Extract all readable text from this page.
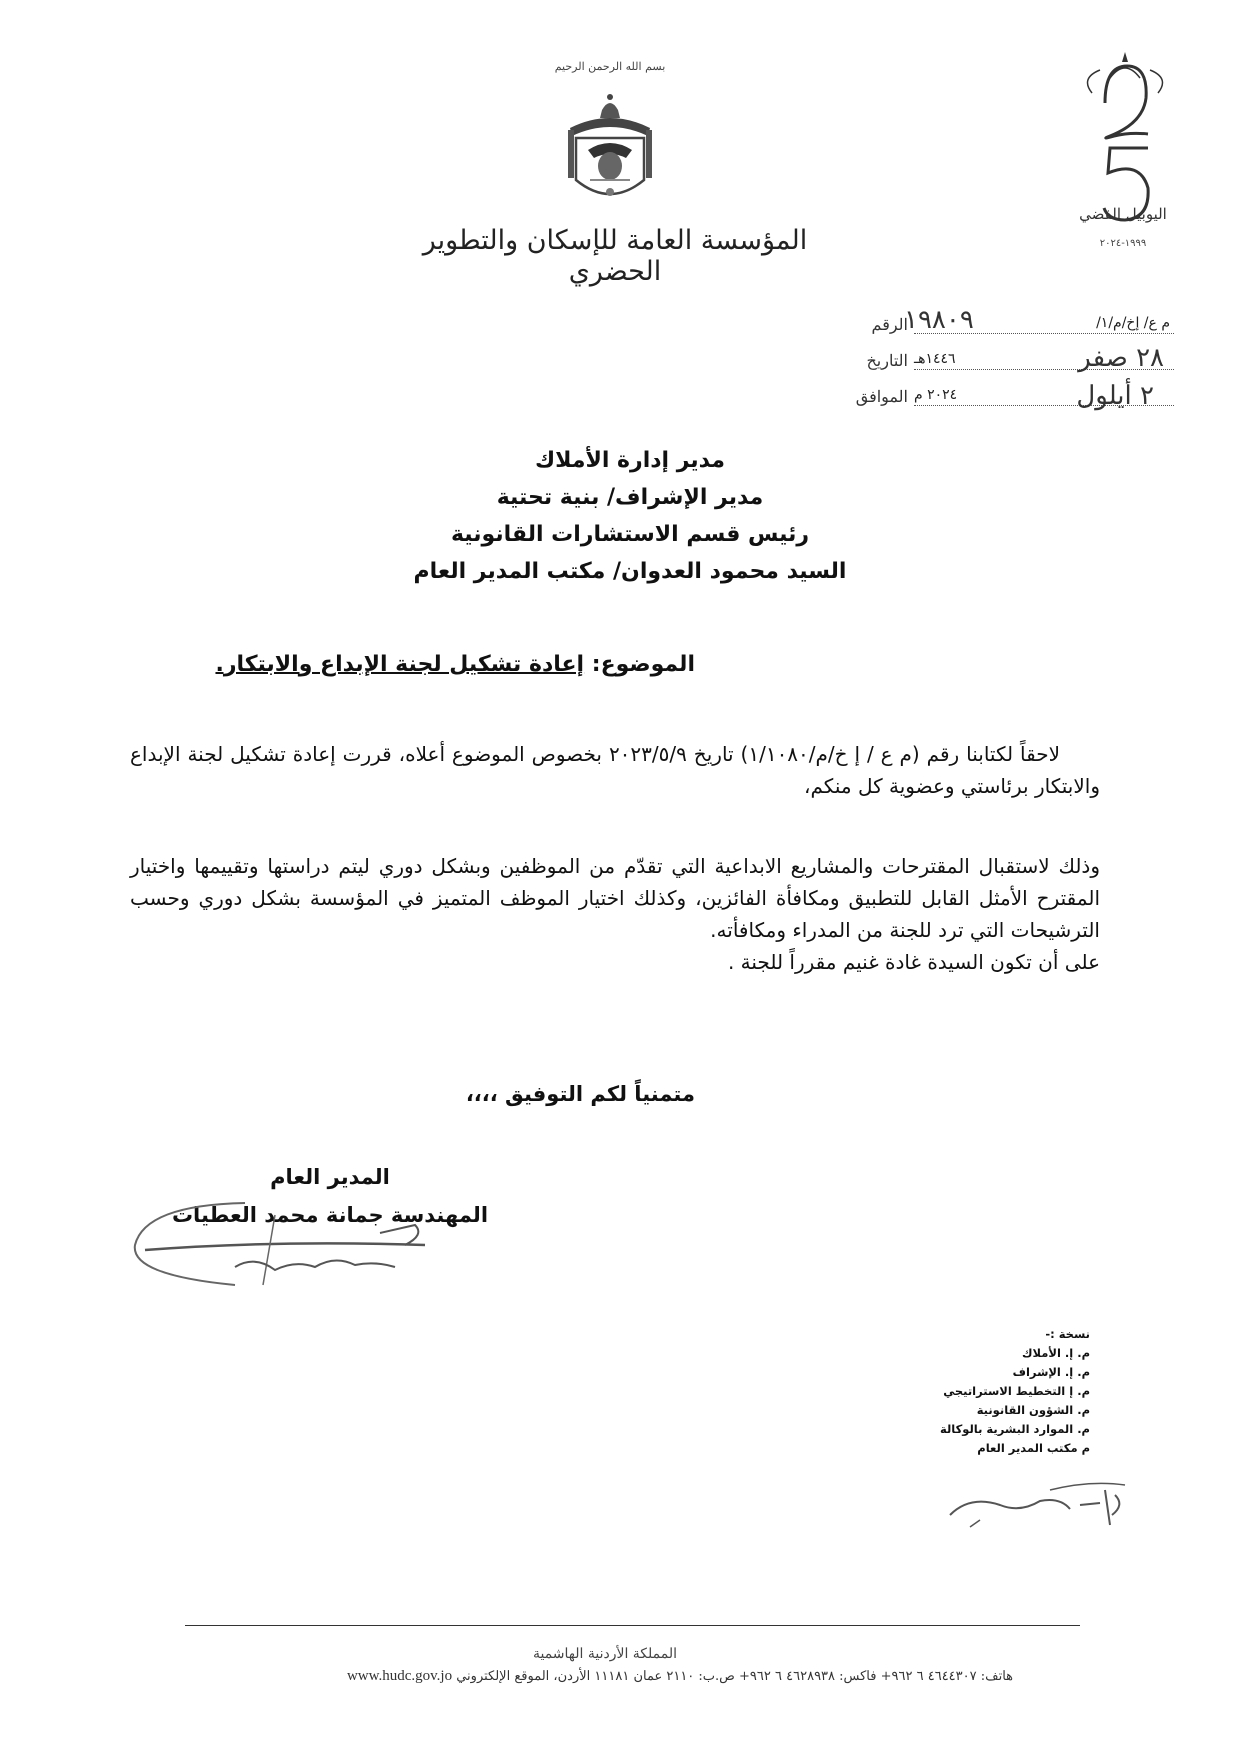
بسم الله الرحمن الرحيم
المؤسسة العامة للإسكان والتطوير الحضري
اليوبيل الفضي
١٩٩٩-٢٠٢٤
الرقم	م ع/ إخ/م/١/
١٩٨٠٩
التاريخ	٢٨ صفر
١٤٤٦هـ
الموافق	٢ أيلول
٢٠٢٤ م
مدير إدارة الأملاك
مدير الإشراف/ بنية تحتية
رئيس قسم الاستشارات القانونية
السيد محمود العدوان/ مكتب المدير العام
الموضوع: إعادة تشكيل لجنة الإبداع والابتكار.
لاحقاً لكتابنا رقم (م ع / إ خ/م/١/١٠٨٠) تاريخ ٢٠٢٣/٥/٩ بخصوص الموضوع أعلاه، قررت إعادة تشكيل لجنة الإبداع والابتكار برئاستي وعضوية كل منكم،
وذلك لاستقبال المقترحات والمشاريع الابداعية التي تقدّم من الموظفين وبشكل دوري ليتم دراستها وتقييمها واختيار المقترح الأمثل القابل للتطبيق ومكافأة الفائزين، وكذلك اختيار الموظف المتميز في المؤسسة بشكل دوري وحسب الترشيحات التي ترد للجنة من المدراء ومكافأته.
على أن تكون السيدة غادة غنيم مقرراً للجنة .
متمنياً لكم التوفيق ،،،،
المدير العام
المهندسة جمانة محمد العطيات
نسخة :-
م. إ. الأملاك
م. إ. الإشراف
م. إ التخطيط الاستراتيجي
م. الشؤون القانونية
م. الموارد البشرية بالوكالة
م مكتب المدير العام
المملكة الأردنية الهاشمية
هاتف: ٤٦٤٤٣٠٧ ٦ ٩٦٢+ فاكس: ٤٦٢٨٩٣٨ ٦ ٩٦٢+ ص.ب: ٢١١٠ عمان ١١١٨١ الأردن، الموقع الإلكتروني www.hudc.gov.jo
